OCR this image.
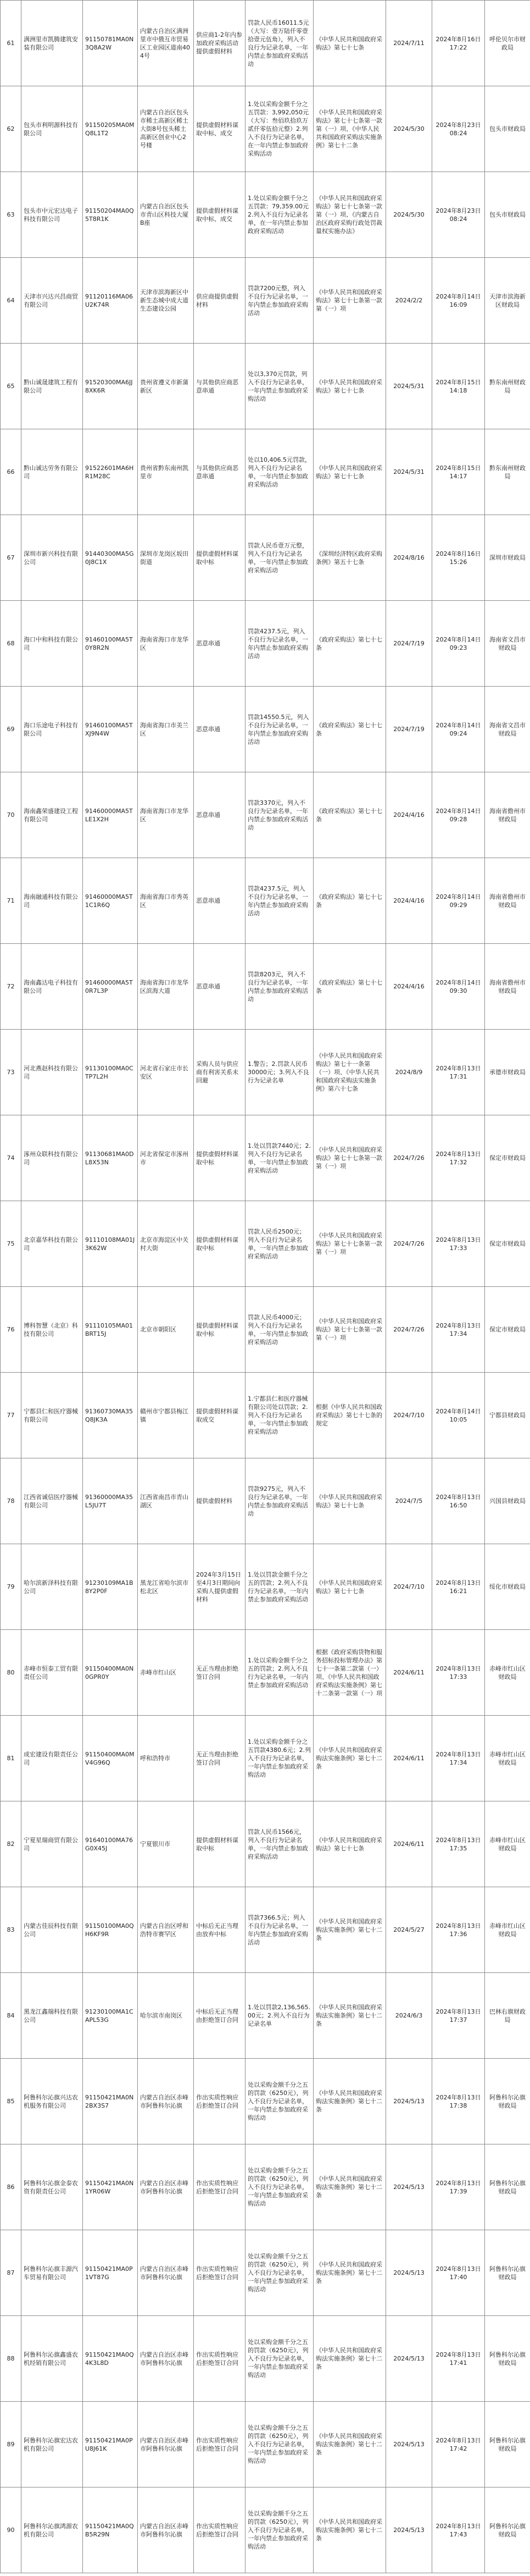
61	满洲里市凯腾建筑安装有限公司	91150781MA0N3Q8A2W	内蒙古自治区满洲里市中俄互市贸易区工业园区道南404号	供应商1-2年内参加政府采购活动提供虚假材料	罚款人民币16011.5元（大写：壹万陆仟零壹拾壹元伍角），列入不良行为记录名单，一年内禁止参加政府采购活动	《中华人民共和国政府采购法》第七十七条	2024/7/11	2024年8月16日 17:22	呼伦贝尔市财政局
62	包头市利明源科技有限公司	91150205MA0MQ8L1T2	内蒙古自治区包头市稀土高新区稀土大街8号包头稀土高新区创业中心2号楼	提供虚假材料谋取中标、成交	1.处以采购金额千分之五罚款：3,992,050元（大写：叁佰玖拾玖万贰仟零伍拾元整）2.列入不良行为记录名单，在一年内禁止参加政府采购活动	《中华人民共和国政府采购法》第七十七条第一款第（一）项、《中华人民共和国政府采购法实施条例》第七十二条	2024/5/30	2024年8月23日 08:24	包头市财政局
63	包头市中元宏达电子科技有限公司	91150204MA0Q5T8R1K	内蒙古自治区包头市青山区科技大厦B座	提供虚假材料谋取中标、成交	1.处以采购金额千分之五罚款：79,359.00元2.列入不良行为记录名单，在一年内禁止参加政府采购活动	《中华人民共和国政府采购法》第七十七条第一款第（一）项、《内蒙古自治区政府采购行政处罚裁量权实施办法》	2024/5/30	2024年8月23日 08:24	包头市财政局
64	天津市兴达兴昌商贸有限公司	91120116MA06U2K74R	天津市滨海新区中新生态城中成大道生态建设公园	供应商提供虚假材料	罚款7200元整，列入不良行为记录名单，一年内禁止参加政府采购活动	《中华人民共和国政府采购法》第七十七条第一款第（一）项	2024/2/2	2024年8月14日 16:09	天津市滨海新区财政局
65	黔山诚晟建筑工程有限公司	91520300MA6JJ8XK6R	贵州省遵义市新蒲新区	与其他供应商恶意串通	处以3,370元罚款，列入不良行为记录名单，一年内禁止参加政府采购活动	《中华人民共和国政府采购法》第七十七条	2024/5/31	2024年8月15日 14:18	黔东南州财政局
66	黔山诚达劳务有限公司	91522601MA6HR1M28C	贵州省黔东南州凯里市	与其他供应商恶意串通	处以10,406.5元罚款，列入不良行为记录名单，一年内禁止参加政府采购活动	《中华人民共和国政府采购法》第七十七条	2024/5/31	2024年8月15日 14:17	黔东南州财政局
67	深圳市新兴科技有限公司	91440300MA5G0J8C1X	深圳市龙岗区坂田街道	提供虚假材料谋取中标	罚款人民币壹万元整，列入不良行为记录名单，一年内禁止参加政府采购活动	《深圳经济特区政府采购条例》第五十七条	2024/8/16	2024年8月16日 15:26	深圳市财政局
68	海口中和科技有限公司	91460100MA5T0Y8R2N	海南省海口市龙华区	恶意串通	罚款4237.5元，列入不良行为记录名单，一年内禁止参加政府采购活动	《政府采购法》第七十七条	2024/7/19	2024年8月14日 09:23	海南省文昌市财政局
69	海口乐途电子科技有限公司	91460100MA5TXJ9N4W	海南省海口市美兰区	恶意串通	罚款14550.5元，列入不良行为记录名单，一年内禁止参加政府采购活动	《政府采购法》第七十七条	2024/7/19	2024年8月14日 09:24	海南省文昌市财政局
70	海南鑫荣盛建设工程有限公司	91460000MA5TLE1X2H	海南省海口市龙华区	恶意串通	罚款3370元，列入不良行为记录名单，一年内禁止参加政府采购活动	《政府采购法》第七十七条	2024/4/16	2024年8月14日 09:28	海南省儋州市财政局
71	海南融通科技有限公司	91460000MA5T1C1R6Q	海南省海口市秀英区	恶意串通	罚款4237.5元，列入不良行为记录名单，一年内禁止参加政府采购活动	《政府采购法》第七十七条	2024/4/16	2024年8月14日 09:29	海南省儋州市财政局
72	海南鑫达电子科技有限公司	91460000MA5T0R7L3P	海南省海口市龙华区滨海大道	恶意串通	罚款8203元，列入不良行为记录名单，一年内禁止参加政府采购活动	《政府采购法》第七十七条	2024/4/16	2024年8月14日 09:30	海南省儋州市财政局
73	河北燕赵科技有限公司	91130100MA0CTP7L2H	河北省石家庄市长安区	采购人员与供应商有利害关系未回避	1.警告；2.罚款人民币30000元；3.列入不良行为记录名单	《中华人民共和国政府采购法》第七十一条第（一）项、《中华人民共和国政府采购法实施条例》第六十七条	2024/8/9	2024年8月13日 17:31	承德市财政局
74	涿州众联科技有限公司	91130681MA0DL8X53N	河北省保定市涿州市	提供虚假材料谋取中标	1.处以罚款7440元；2.列入不良行为记录名单，一年内禁止参加政府采购活动	《中华人民共和国政府采购法》第七十七条第一款第（一）项	2024/7/26	2024年8月13日 17:32	保定市财政局
75	北京嘉华科技有限公司	91110108MA01J3K62W	北京市海淀区中关村大街	提供虚假材料谋取中标	罚款人民币2500元；列入不良行为记录名单，一年内禁止参加政府采购活动	《中华人民共和国政府采购法》第七十七条第一款第（一）项	2024/7/26	2024年8月13日 17:33	保定市财政局
76	博科智慧（北京）科技有限公司	91110105MA01BRT15J	北京市朝阳区	提供虚假材料谋取中标	罚款人民币4000元；列入不良行为记录名单，一年内禁止参加政府采购活动	《中华人民共和国政府采购法》第七十七条第一款第（一）项	2024/7/26	2024年8月13日 17:34	保定市财政局
77	宁都县仁和医疗器械有限公司	91360730MA35Q8JK3A	赣州市宁都县梅江镇	提供虚假材料谋取成交	1.宁都县仁和医疗器械有限公司处以罚款；2.列入不良行为记录名单，一年内禁止参加政府采购活动	根据《中华人民共和国政府采购法》第七十七条的规定	2024/7/10	2024年8月14日 10:05	宁都县财政局
78	江西省诚信医疗器械有限公司	91360000MA35L5JU7T	江西省南昌市青山湖区	提供虚假材料	罚款9275元，列入不良行为记录名单，一年内禁止参加政府采购活动	《中华人民共和国政府采购法》第七十七条	2024/7/5	2024年8月13日 16:50	兴国县财政局
79	哈尔滨新泽科技有限公司	91230109MA1B8Y2P0F	黑龙江省哈尔滨市松北区	2024年3月15日至4月3日期间向采购人提供虚假材料	1.处以罚款金额千分之五的罚款；2.列入不良行为记录名单，一年内禁止参加政府采购活动	《中华人民共和国政府采购法》第七十七条	2024/7/10	2024年8月13日 16:21	绥化市财政局
80	赤峰市恒泰工贸有限责任公司	91150400MA0N0GPR0Y	赤峰市红山区	无正当理由拒绝签订合同	1.处以采购金额千分之五的罚款；2.列入不良行为记录名单，一年内禁止参加政府采购活动	根据《政府采购货物和服务招标投标管理办法》第七十一条第二款第（一）项、《中华人民共和国政府采购法实施条例》第七十二条第一款第（一）项	2024/6/11	2024年8月13日 17:33	赤峰市红山区财政局
81	成宏建设有限责任公司	91150400MA0MV4G96Q	呼和浩特市	无正当理由拒绝签订合同	1.处以采购金额千分之五罚款4380.6元；2.列入不良行为记录名单，一年内禁止参加政府采购活动	《中华人民共和国政府采购法实施条例》第七十二条	2024/6/11	2024年8月13日 17:34	赤峰市红山区财政局
82	宁夏星瑞商贸有限公司	91640100MA76G0X45J	宁夏银川市	提供虚假材料谋取中标	罚款人民币1566元，列入不良行为记录名单，一年内禁止参加政府采购活动	《中华人民共和国政府采购法》第七十七条	2024/6/11	2024年8月13日 17:35	赤峰市红山区财政局
83	内蒙古佳辰科技有限公司	91150100MA0QH6KF9R	内蒙古自治区呼和浩特市赛罕区	中标后无正当理由放弃中标	罚款7366.5元；列入不良行为记录名单，一年内禁止参加政府采购活动	《中华人民共和国政府采购法实施条例》第七十二条	2024/5/27	2024年8月13日 17:36	赤峰市红山区财政局
84	黑龙江鑫瑞科技有限公司	91230100MA1CAPL53G	哈尔滨市南岗区	中标后无正当理由拒绝签订合同	1.处以罚款2,136,565.00元；2.列入不良行为记录名单	《中华人民共和国政府采购法实施条例》第七十二条	2024/6/3	2024年8月13日 17:37	巴林右旗财政局
85	阿鲁科尔沁旗兴达农机服务有限公司	91150421MA0N2BX3S7	内蒙古自治区赤峰市阿鲁科尔沁旗	作出实质性响应后拒绝签订合同	处以采购金额千分之五的罚款（6250元），列入不良行为记录名单，一年内禁止参加政府采购活动	《中华人民共和国政府采购法实施条例》第七十二条	2024/5/13	2024年8月13日 17:38	阿鲁科尔沁旗财政局
86	阿鲁科尔沁旗金泰农资有限责任公司	91150421MA0N1YR06W	内蒙古自治区赤峰市阿鲁科尔沁旗	作出实质性响应后拒绝签订合同	处以采购金额千分之五的罚款（6250元），列入不良行为记录名单，一年内禁止参加政府采购活动	《中华人民共和国政府采购法实施条例》第七十二条	2024/5/13	2024年8月13日 17:39	阿鲁科尔沁旗财政局
87	阿鲁科尔沁旗丰源汽车贸易有限公司	91150421MA0P1VT87G	内蒙古自治区赤峰市阿鲁科尔沁旗	作出实质性响应后拒绝签订合同	处以采购金额千分之五的罚款（6250元），列入不良行为记录名单，一年内禁止参加政府采购活动	《中华人民共和国政府采购法实施条例》第七十二条	2024/5/13	2024年8月13日 17:40	阿鲁科尔沁旗财政局
88	阿鲁科尔沁旗鑫盛农机经销有限公司	91150421MA0Q4K3L8D	内蒙古自治区赤峰市阿鲁科尔沁旗	作出实质性响应后拒绝签订合同	处以采购金额千分之五的罚款（6250元），列入不良行为记录名单，一年内禁止参加政府采购活动	《中华人民共和国政府采购法实施条例》第七十二条	2024/5/13	2024年8月13日 17:41	阿鲁科尔沁旗财政局
89	阿鲁科尔沁旗宏达农机有限公司	91150421MA0PU8J61K	内蒙古自治区赤峰市阿鲁科尔沁旗	作出实质性响应后拒绝签订合同	处以采购金额千分之五的罚款（6250元），列入不良行为记录名单，一年内禁止参加政府采购活动	《中华人民共和国政府采购法实施条例》第七十二条	2024/5/13	2024年8月13日 17:42	阿鲁科尔沁旗财政局
90	阿鲁科尔沁旗鸿源农机有限公司	91150421MA0QB5R29N	内蒙古自治区赤峰市阿鲁科尔沁旗	作出实质性响应后拒绝签订合同	处以采购金额千分之五的罚款（6250元），列入不良行为记录名单，一年内禁止参加政府采购活动	《中华人民共和国政府采购法实施条例》第七十二条	2024/5/13	2024年8月13日 17:43	阿鲁科尔沁旗财政局
